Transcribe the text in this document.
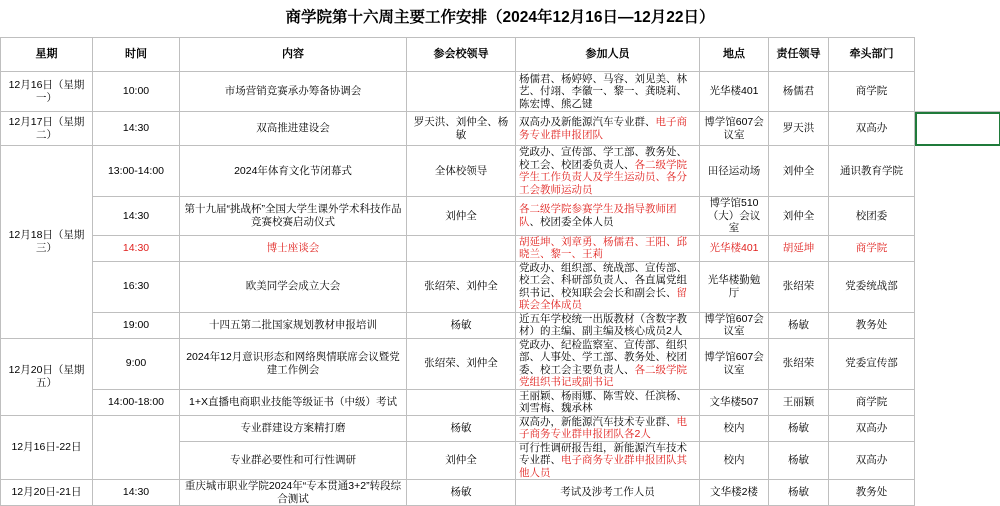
商学院第十六周主要工作安排（2024年12月16日—12月22日）
星期	时间	内容	参会校领导	参加人员	地点	责任领导	牵头部门	
12月16日（星期一）	10:00	市场营销竞赛承办筹备协调会		杨儒君、杨婷婷、马容、刘见美、林艺、付翊、李徽一、黎一、龚晓莉、陈宏博、熊乙键	光华楼401	杨儒君	商学院	
12月17日（星期二）	14:30	双高推进建设会	罗天洪、刘仲全、杨敏	双高办及新能源汽车专业群、电子商务专业群申报团队	博学馆607会议室	罗天洪	双高办	
12月18日（星期三）	13:00-14:00	2024年体育文化节闭幕式	全体校领导	党政办、宣传部、学工部、教务处、校工会、校团委负责人、各二级学院学生工作负责人及学生运动员、各分工会教师运动员	田径运动场	刘仲全	通识教育学院	
	14:30	第十九届“挑战杯”全国大学生课外学术科技作品竞赛校赛启动仪式	刘仲全	各二级学院参赛学生及指导教师团队、校团委全体人员	博学馆510（大）会议室	刘仲全	校团委	
	14:30	博士座谈会		胡延坤、刘章勇、杨儒君、王阳、邱晓兰、黎一、王莉	光华楼401	胡延坤	商学院	
	16:30	欧美同学会成立大会	张绍荣、刘仲全	党政办、组织部、统战部、宣传部、校工会、科研部负责人、各直属党组织书记、校知联会会长和副会长、留联会全体成员	光华楼勤勉厅	张绍荣	党委统战部	
	19:00	十四五第二批国家规划教材申报培训	杨敏	近五年学校统一出版教材（含数字教材）的主编、副主编及核心成员2人	博学馆607会议室	杨敏	教务处	
12月20日（星期五）	9:00	2024年12月意识形态和网络舆情联席会议暨党建工作例会	张绍荣、刘仲全	党政办、纪检监察室、宣传部、组织部、人事处、学工部、教务处、校团委、校工会主要负责人、各二级学院党组织书记或副书记	博学馆607会议室	张绍荣	党委宣传部	
	14:00-18:00	1+X直播电商职业技能等级证书（中级）考试		王丽颖、杨雨娜、陈雪姣、任滨杨、刘雪梅、魏承林	文华楼507	王丽颖	商学院	
12月16日-22日		专业群建设方案精打磨	杨敏	双高办，新能源汽车技术专业群、电子商务专业群申报团队各2人	校内	杨敏	双高办	
		专业群必要性和可行性调研	刘仲全	可行性调研报告组，新能源汽车技术专业群、电子商务专业群申报团队其他人员	校内	杨敏	双高办	
12月20日-21日	14:30	重庆城市职业学院2024年“专本贯通3+2”转段综合测试	杨敏	考试及涉考工作人员	文华楼2楼	杨敏	教务处	
